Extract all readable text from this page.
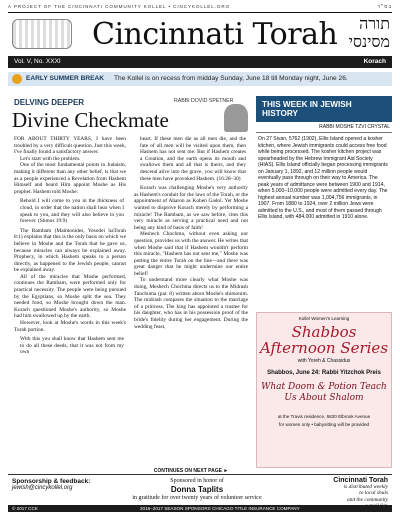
A PROJECT OF THE CINCINNATI COMMUNITY KOLLEL • CINCYKOLLEL.ORG	בס״ד
Cincinnati Torah	תורה
מסינסי
Vol. V, No. XXXI	Korach
EARLY SUMMER BREAK The Kollel is on recess from midday Sunday, June 18 till Monday night, June 26.
DELVING DEEPER	RABBI DOVID SPETNER
Divine Checkmate

FOR ABOUT THIRTY YEARS, I have been troubled by a very difficult question. Just this week, I've finally found a satisfactory answer.

Let's start with the problem.

One of the most fundamental points in Judaism, making it different than any other belief, is that we as a people experienced a Revelation from Hashem Himself and heard Him appoint Moshe as His prophet. Hashem told Moshe:

Behold I will come to you in the thickness of cloud, in order that the nation shall hear when I speak to you, and they will also believe in you forever. (Shmos 19:9)

The Rambam (Maimonides, Yesodei haTorah 8:1) explains that this is the only basis on which we believe in Moshe and the Torah that he gave us, because miracles can always be explained away. Prophecy, in which Hashem speaks to a person directly, as happened to the Jewish people, cannot be explained away.

All of the miracles that Moshe performed, continues the Rambam, were performed only for practical necessity. The people were being pursued by the Egyptians, so Moshe split the sea. They needed food, so Moshe brought down the man. Korach questioned Moshe's authority, so Moshe had him swallowed up by the earth.

However, look at Moshe's words in this week's Torah portion.

With this you shall know that Hashem sent me to do all these deeds, that it was not from my own

heart. If these men die as all men die, and the fate of all men will be visited upon them, then Hashem has not sent me. But if Hashem creates a Creation, and the earth opens its mouth and swallows them and all that is theirs, and they descend alive into the grave, you will know that these men have provoked Hashem. (16:28–30)

Korach was challenging Moshe's very authority as Hashem's conduit for the laws of the Torah, or the appointment of Aharon as Kohen Gadol. Yet Moshe wanted to disprove Korach merely by performing a miracle! The Rambam, as we saw before, cites this very miracle as serving a practical need and not being any kind of basis of faith!

Meshech Chochma, without even asking our question, provides us with the answer. He writes that when Moshe said that if Hashem wouldn't perform this miracle, "Hashem has not sent me," Moshe was putting the entire Torah on the line—and there was great danger that he might undermine our entire belief!

To understand more clearly what Moshe was doing, Meshech Chochma directs us to the Midrash Tanchuma (par. 8) written about Moshe's shimonim. The midrash compares the situation to the marriage of a princess. The king has appointed a trustee for his daughter, who has in his possession proof of the bride's fidelity during her engagement. During the wedding feast,

CONTINUES ON NEXT PAGE ►
THIS WEEK IN JEWISH HISTORY
RABBI MOSHE TZVI CRYSTAL
On 27 Sivan, 5762 (1902), Ellis Island opened a kosher kitchen, where Jewish immigrants could access free food while being processed. The kosher kitchen project was spearheaded by the Hebrew Immigrant Aid Society (HIAS). Ellis Island officially began processing immigrants on January 1, 1892, and 12 million people would eventually pass through on their way to America. The peak years of admittance were between 1900 and 1914, when 5,000–10,000 people were admitted every day. The highest annual number was 1,004,756 immigrants, in 1907. From 1880 to 1924, over 2 million Jews were admitted to the U.S., and most of them passed through Ellis Island, with 484,000 admitted in 1910 alone.
Kollel Women's Learning
Shabbos Afternoon Series
with Yoreh & Chassidus
Shabbos, June 24: Rabbi Yitzchok Preis
What Doom & Potion Teach Us About Shalom
at the Travis residence, 6820 Elbrook Avenue
for women only • babysitting will be provided
Sponsorship & feedback:
jewish@cincykollel.org
Sponsored in honor of
Donna Taplits
in gratitude for over twenty years of volunteer service
Cincinnati Torah
is distributed weekly
to local shuls
and the community

© 2017 CCK	2016–2017 SEASON SPONSORS CHICAGO TITLE INSURANCE COMPANY
